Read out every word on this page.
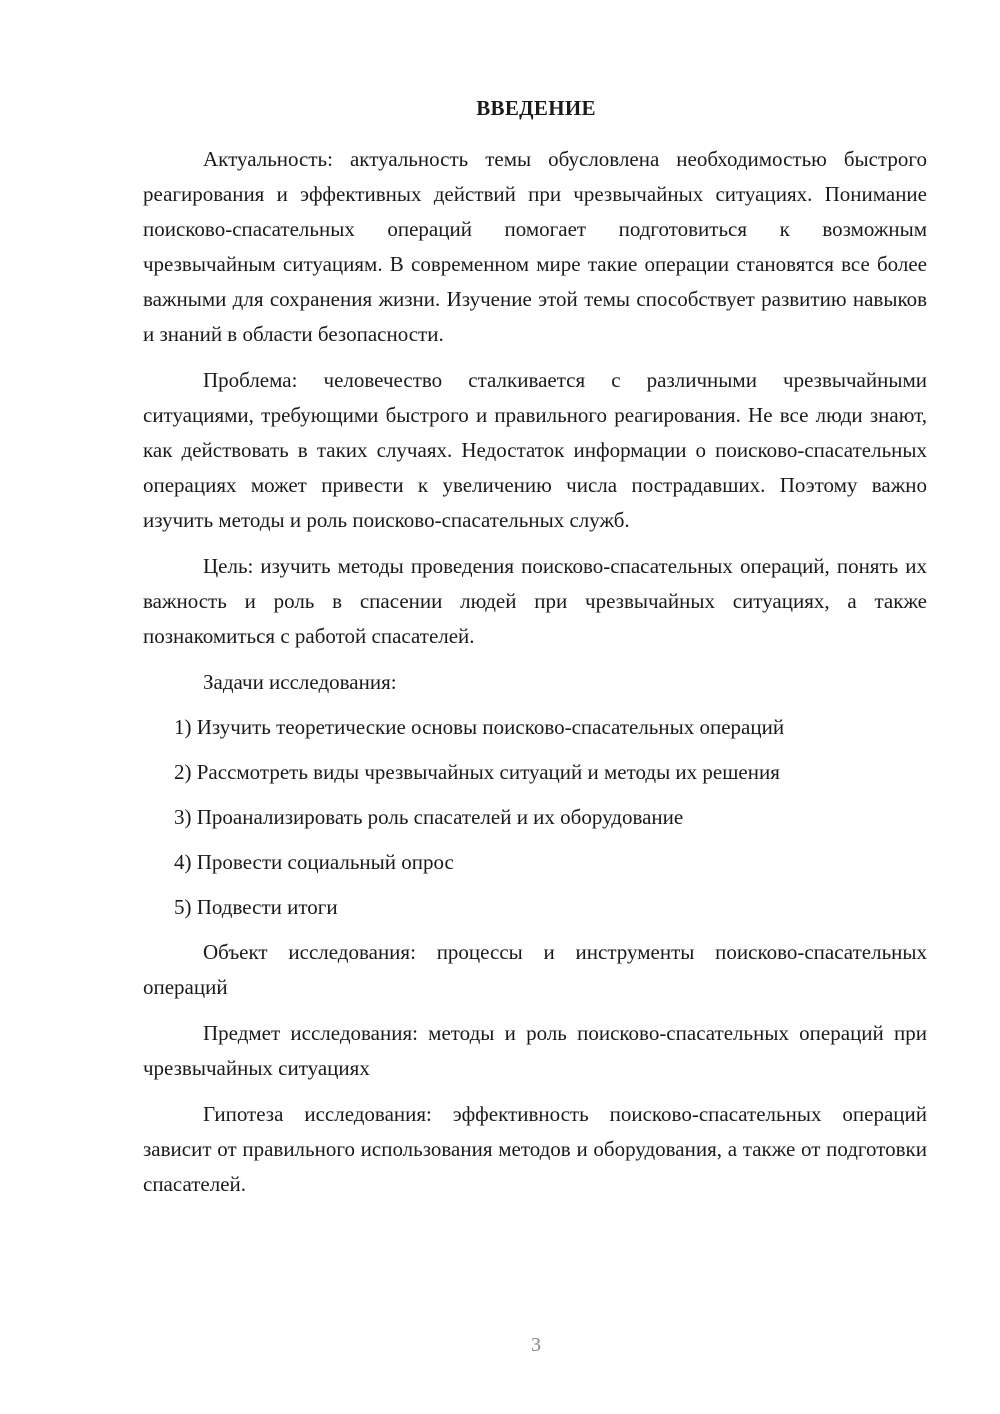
ВВЕДЕНИЕ

Актуальность: актуальность темы обусловлена необходимостью быстрого реагирования и эффективных действий при чрезвычайных ситуациях. Понимание поисково-спасательных операций помогает подготовиться к возможным чрезвычайным ситуациям. В современном мире такие операции становятся все более важными для сохранения жизни. Изучение этой темы способствует развитию навыков и знаний в области безопасности.

Проблема: человечество сталкивается с различными чрезвычайными ситуациями, требующими быстрого и правильного реагирования. Не все люди знают, как действовать в таких случаях. Недостаток информации о поисково-спасательных операциях может привести к увеличению числа пострадавших. Поэтому важно изучить методы и роль поисково-спасательных служб.

Цель: изучить методы проведения поисково-спасательных операций, понять их важность и роль в спасении людей при чрезвычайных ситуациях, а также познакомиться с работой спасателей.

Задачи исследования:

1) Изучить теоретические основы поисково-спасательных операций
2) Рассмотреть виды чрезвычайных ситуаций и методы их решения
3) Проанализировать роль спасателей и их оборудование
4) Провести социальный опрос
5) Подвести итоги

Объект исследования: процессы и инструменты поисково-спасательных операций

Предмет исследования: методы и роль поисково-спасательных операций при чрезвычайных ситуациях

Гипотеза исследования: эффективность поисково-спасательных операций зависит от правильного использования методов и оборудования, а также от подготовки спасателей.

3
